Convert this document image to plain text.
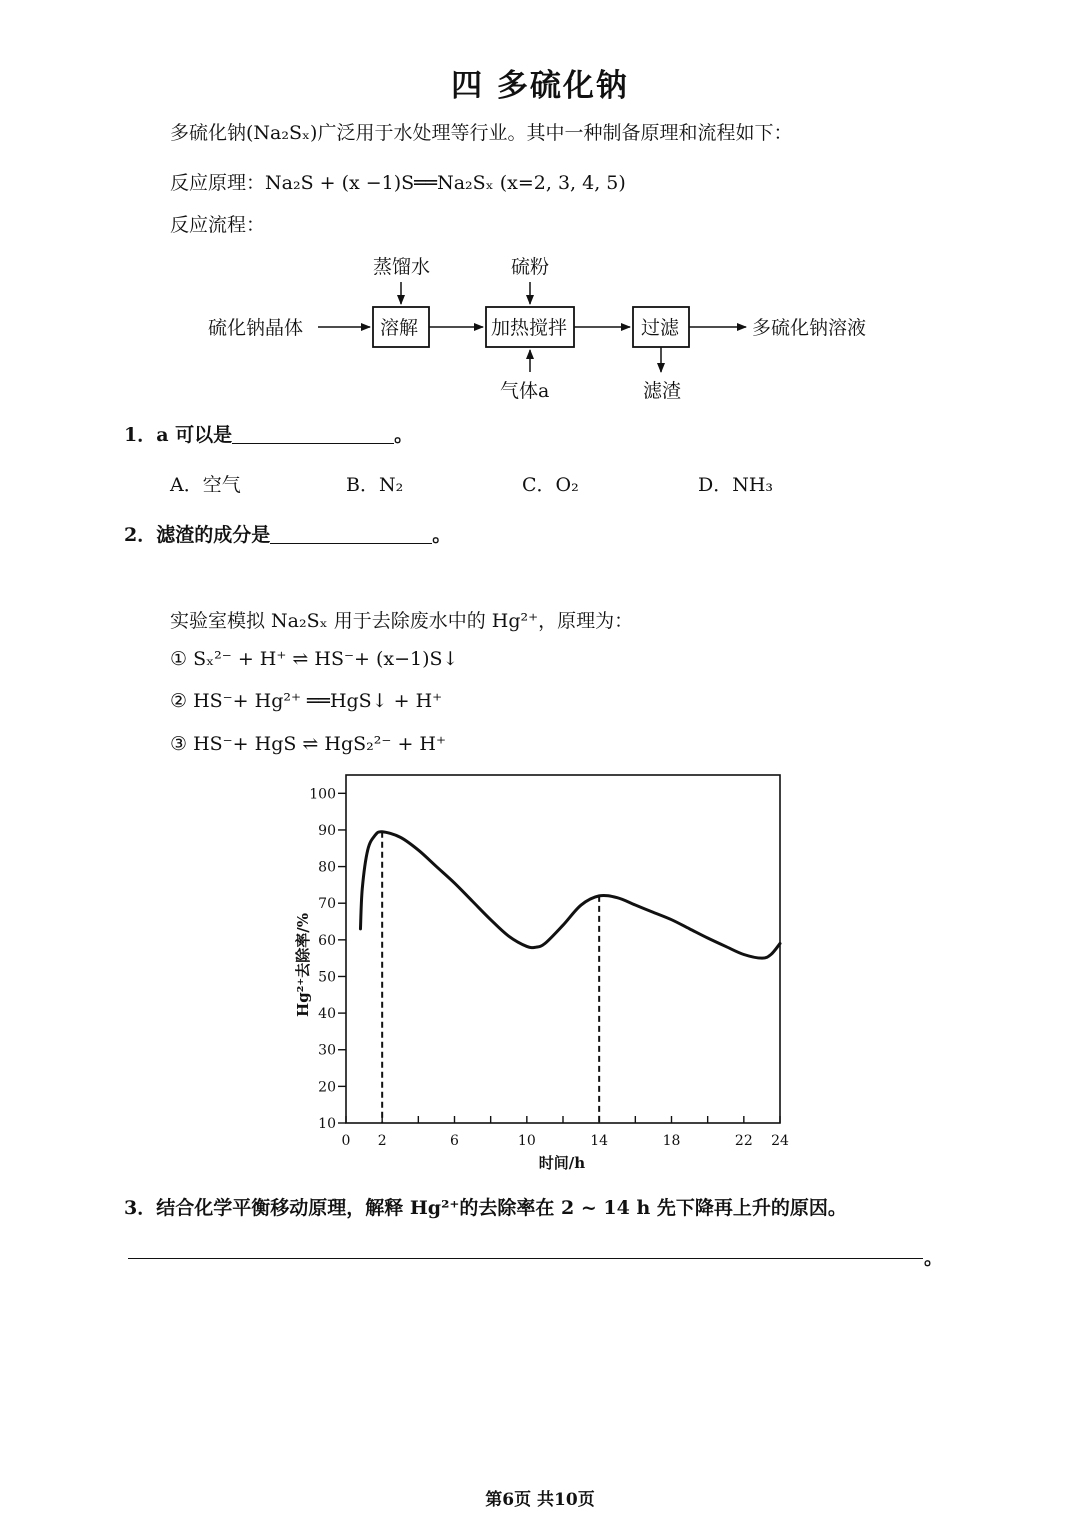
四 多硫化钠
多硫化钠(Na₂Sₓ)广泛用于水处理等行业。其中一种制备原理和流程如下：
反应原理：Na₂S + (x −1)S══Na₂Sₓ (x=2, 3, 4, 5)
反应流程：
硫化钠晶体	溶解
蒸馏水
加热搅拌
硫粉
气体a
过滤
滤渣
多硫化钠溶液
1．a 可以是	。
A．空气	B．N₂	C．O₂	D．NH₃
2．滤渣的成分是	。
实验室模拟 Na₂Sₓ 用于去除废水中的 Hg²⁺，原理为：
① Sₓ²⁻ + H⁺ ⇌ HS⁻+ (x−1)S↓
② HS⁻+ Hg²⁺ ══HgS↓ + H⁺
③ HS⁻+ HgS ⇌ HgS₂²⁻ + H⁺
10
20
30
40
50
60
70
80
90
100
0 2	6	10	14	18	22 24
时间/h
Hg²⁺去除率/%
3．结合化学平衡移动原理，解释 Hg²⁺的去除率在 2 ~ 14 h 先下降再上升的原因。
。
第6页 共10页
